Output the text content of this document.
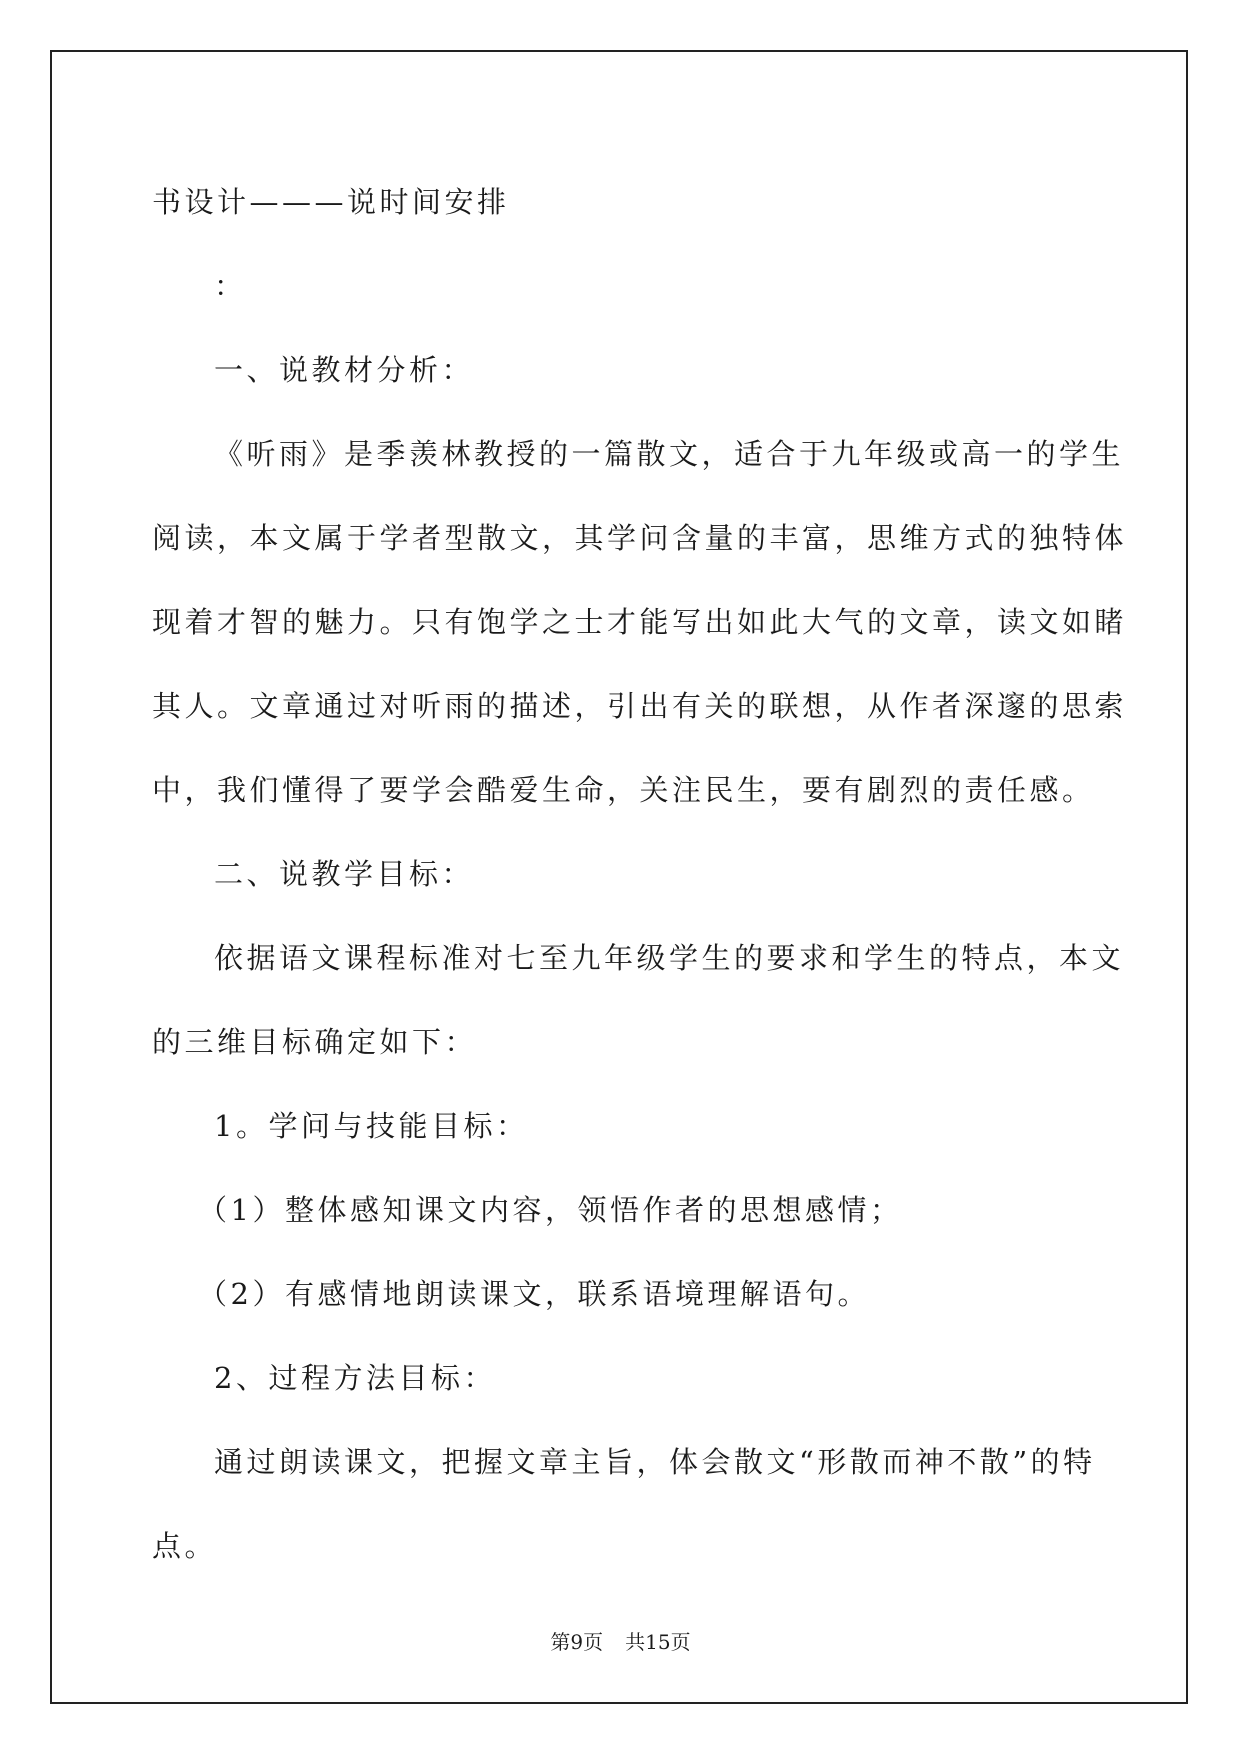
书设计———说时间安排

：

一、说教材分析：

《听雨》是季羡林教授的一篇散文，适合于九年级或高一的学生

阅读，本文属于学者型散文，其学问含量的丰富，思维方式的独特体

现着才智的魅力。只有饱学之士才能写出如此大气的文章，读文如睹

其人。文章通过对听雨的描述，引出有关的联想，从作者深邃的思索

中，我们懂得了要学会酷爱生命，关注民生，要有剧烈的责任感。

二、说教学目标：

依据语文课程标准对七至九年级学生的要求和学生的特点，本文

的三维目标确定如下：

1。学问与技能目标：

（1）整体感知课文内容，领悟作者的思想感情；

（2）有感情地朗读课文，联系语境理解语句。

2、过程方法目标：

通过朗读课文，把握文章主旨，体会散文“形散而神不散”的特

点。

第9页 共15页
